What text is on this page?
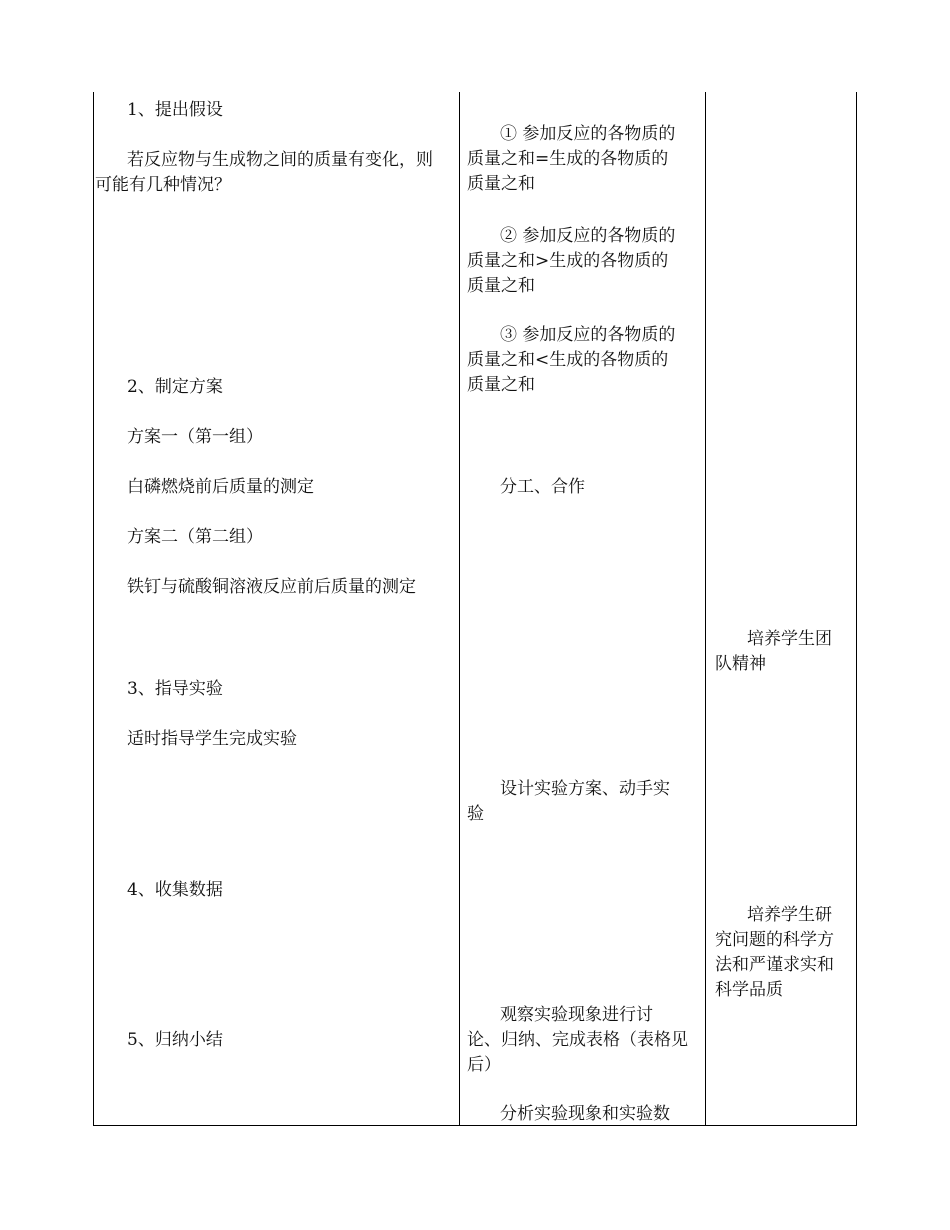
1、提出假设
若反应物与生成物之间的质量有变化，则
可能有几种情况？
2、制定方案
方案一（第一组）
白磷燃烧前后质量的测定
方案二（第二组）
铁钉与硫酸铜溶液反应前后质量的测定
3、指导实验
适时指导学生完成实验
4、收集数据
5、归纳小结
① 参加反应的各物质的
质量之和=生成的各物质的
质量之和
② 参加反应的各物质的
质量之和>生成的各物质的
质量之和
③ 参加反应的各物质的
质量之和<生成的各物质的
质量之和
分工、合作
设计实验方案、动手实
验
观察实验现象进行讨
论、归纳、完成表格（表格见
后）
分析实验现象和实验数
培养学生团
队精神
培养学生研
究问题的科学方
法和严谨求实和
科学品质
